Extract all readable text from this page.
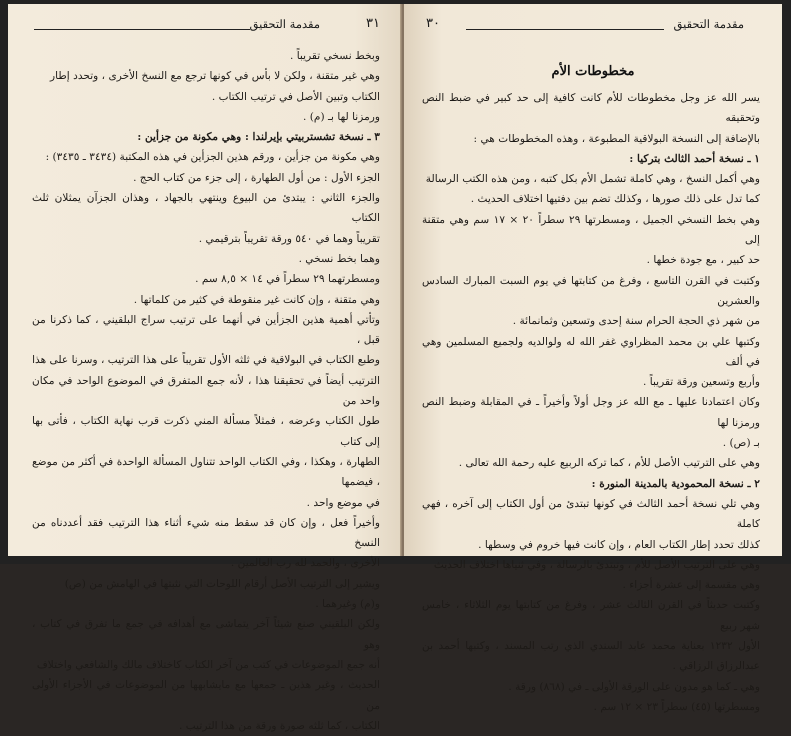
٣١
مقدمة التحقيق

وبخط نسخي تقريباً .

وهي غير متقنة ، ولكن لا بأس في كونها ترجع مع النسخ الأخرى ، وتحدد إطار

الكتاب وتبين الأصل في ترتيب الكتاب .

ورمزنا لها بـ (م) .

٣ ـ نسخة تشستربيتي بإيرلندا : وهي مكونة من جزأين :

وهي مكونة من جزأين ، ورقم هذين الجزأين في هذه المكتبة (٣٤٣٤ ـ ٣٤٣٥) :

الجزء الأول : من أول الطهارة ، إلى جزء من كتاب الحج .

والجزء الثاني : يبتدئ من البيوع وينتهي بالجهاد ، وهذان الجزآن يمثلان ثلث الكتاب

تقريباً وهما في ٥٤٠ ورقة تقريباً بترقيمي .

وهما بخط نسخي .

ومسطرتهما ٢٩ سطراً في ١٤ × ٨,٥ سم .

وهي متقنة ، وإن كانت غير منقوطة في كثير من كلماتها .

وتأتي أهمية هذين الجزأين في أنهما على ترتيب سراج البلقيني ، كما ذكرنا من قبل ،

وطبع الكتاب في البولاقية في ثلثه الأول تقريباً على هذا الترتيب ، وسرنا على هذا

الترتيب أيضاً في تحقيقنا هذا ، لأنه جمع المتفرق في الموضوع الواحد في مكان واحد من

طول الكتاب وعرضه ، فمثلاً مسألة المني ذكرت قرب نهاية الكتاب ، فأتى بها إلى كتاب

الطهارة ، وهكذا ، وفي الكتاب الواحد تتناول المسألة الواحدة في أكثر من موضع ، فيضمها

في موضع واحد .

وأخيراً فعل ، وإن كان قد سقط منه شيء أثناء هذا الترتيب فقد أعددناه من النسخ

الأخرى ، والحمد لله رب العالمين .

ويشير إلى الترتيب الأصل أرقام اللوحات التي نثبتها في الهامش من (ص)

و(م) وغيرهما .

ولكن البلقيني صنع شيئاً آخر يتماشى مع أهدافه في جمع ما تفرق في كتاب ، وهو

أنه جمع الموضوعات في كتب من آخر الكتاب كاختلاف مالك والشافعي واختلاف

الحديث ، وغير هذين ـ جمعها مع مايشابهها من الموضوعات في الأجزاء الأولى من

الكتاب ، كما ثلثه صورة ورقة من هذا الترتيب .

٣٠	مقدمة التحقيق
مخطوطات الأم

يسر الله عز وجل مخطوطات للأم كانت كافية إلى حد كبير في ضبط النص وتحقيقه

بالإضافة إلى النسخة البولاقية المطبوعة ، وهذه المخطوطات هي :

١ ـ نسخة أحمد الثالث بتركيا :

وهي أكمل النسخ ، وهي كاملة تشمل الأم بكل كتبه ، ومن هذه الكتب الرسالة

كما تدل على ذلك صورها ، وكذلك تضم بين دفتيها اختلاف الحديث .

وهي بخط النسخي الجميل ، ومسطرتها ٢٩ سطراً ٢٠ × ١٧ سم وهي متقنة إلى

حد كبير ، مع جودة خطها .

وكتبت في القرن التاسع ، وفرغ من كتابتها في يوم السبت المبارك السادس والعشرين

من شهر ذي الحجة الحرام سنة إحدى وتسعين وثمانمائة .

وكتبها علي بن محمد المظراوي غفر الله له ولوالديه ولجميع المسلمين وهي في ألف

وأربع وتسعين ورقة تقريباً .

وكان اعتمادنا عليها ـ مع الله عز وجل أولاً وأخيراً ـ في المقابلة وضبط النص ورمزنا لها

بـ (ص) .

وهي على الترتيب الأصل للأم ، كما تركه الربيع عليه رحمة الله تعالى .

٢ ـ نسخة المحمودية بالمدينة المنورة :

وهي تلي نسخة أحمد الثالث في كونها تبتدئ من أول الكتاب إلى آخره ، فهي كاملة

كذلك تحدد إطار الكتاب العام ، وإن كانت فيها خروم في وسطها .

وهي على الترتيب الأصل للأم ، وتبتدئ بالرسالة ، وفي ثنياها اختلاف الحديث

وهي مقسمة إلى عشرة أجزاء .

وكتبت حديثاً في القرن الثالث عشر ، وفرغ من كتابتها يوم الثلاثاء ، خامس شهر ربيع

الأول ١٢٣٢ بعناية محمد عابد السندي الذي رتب المسند ، وكتبها أحمد بن عبدالرزاق الرزاقي .

وهي ـ كما هو مدون على الورقة الأولى ـ في (٨٦٨) ورقة .

ومسطرتها (٤٥) سطراً ٢٣ × ١٢ سم .
